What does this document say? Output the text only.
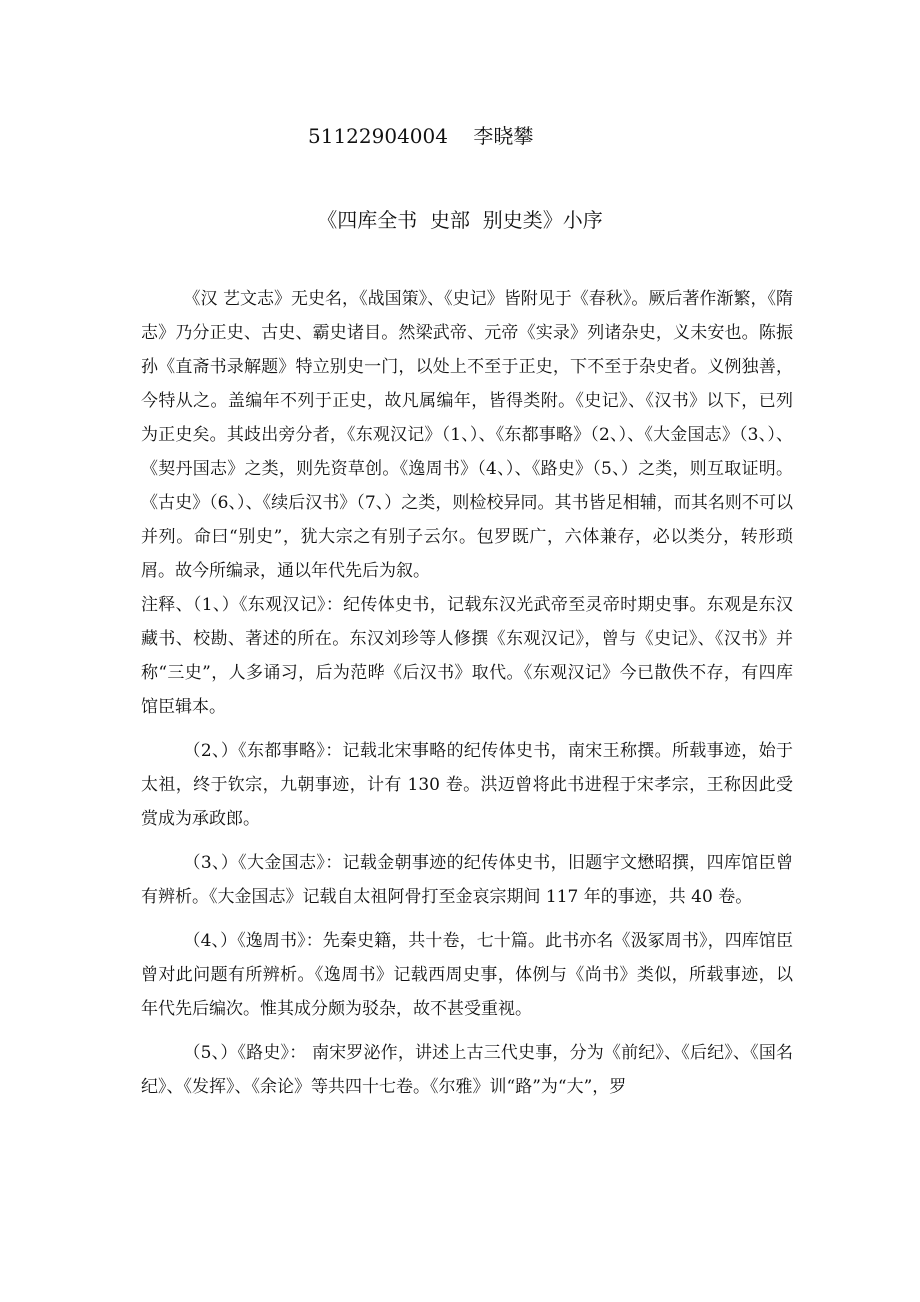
51122904004    李晓攀
《四库全书  史部  别史类》小序

《汉 艺文志》无史名，《战国策》、《史记》皆附见于《春秋》。厥后著作渐繁，《隋志》乃分正史、古史、霸史诸目。然梁武帝、元帝《实录》列诸杂史，义未安也。陈振孙《直斋书录解题》特立别史一门，以处上不至于正史，下不至于杂史者。义例独善，今特从之。盖编年不列于正史，故凡属编年，皆得类附。《史记》、《汉书》以下，已列为正史矣。其歧出旁分者，《东观汉记》（1、）、《东都事略》（2、）、《大金国志》（3、）、《契丹国志》之类，则先资草创。《逸周书》（4、）、《路史》（5、）之类，则互取证明。《古史》（6、）、《续后汉书》（7、）之类，则检校异同。其书皆足相辅，而其名则不可以并列。命曰“别史”，犹大宗之有别子云尔。包罗既广，六体兼存，必以类分，转形琐屑。故今所编录，通以年代先后为叙。

注释、（1、）《东观汉记》：纪传体史书，记载东汉光武帝至灵帝时期史事。东观是东汉藏书、校勘、著述的所在。东汉刘珍等人修撰《东观汉记》，曾与《史记》、《汉书》并称“三史”，人多诵习，后为范晔《后汉书》取代。《东观汉记》今已散佚不存，有四库馆臣辑本。

（2、）《东都事略》：记载北宋事略的纪传体史书，南宋王称撰。所载事迹，始于太祖，终于钦宗，九朝事迹，计有 130 卷。洪迈曾将此书进程于宋孝宗，王称因此受赏成为承政郎。

（3、）《大金国志》：记载金朝事迹的纪传体史书，旧题宇文懋昭撰，四库馆臣曾有辨析。《大金国志》记载自太祖阿骨打至金哀宗期间 117 年的事迹，共 40 卷。

（4、）《逸周书》：先秦史籍，共十卷，七十篇。此书亦名《汲冢周书》，四库馆臣曾对此问题有所辨析。《逸周书》记载西周史事，体例与《尚书》类似，所载事迹，以年代先后编次。惟其成分颇为驳杂，故不甚受重视。

（5、）《路史》： 南宋罗泌作，讲述上古三代史事，分为《前纪》、《后纪》、《国名纪》、《发挥》、《余论》等共四十七卷。《尔雅》训“路”为“大”，罗
